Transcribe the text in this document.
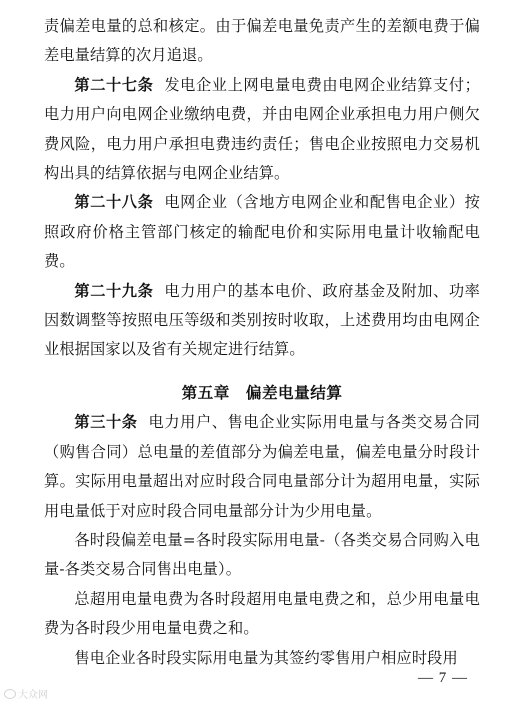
责偏差电量的总和核定。由于偏差电量免责产生的差额电费于偏差电量结算的次月追退。

第二十七条 发电企业上网电量电费由电网企业结算支付；电力用户向电网企业缴纳电费，并由电网企业承担电力用户侧欠费风险，电力用户承担电费违约责任；售电企业按照电力交易机构出具的结算依据与电网企业结算。

第二十八条 电网企业（含地方电网企业和配售电企业）按照政府价格主管部门核定的输配电价和实际用电量计收输配电费。

第二十九条 电力用户的基本电价、政府基金及附加、功率因数调整等按照电压等级和类别按时收取，上述费用均由电网企业根据国家以及省有关规定进行结算。

第五章 偏差电量结算

第三十条 电力用户、售电企业实际用电量与各类交易合同（购售合同）总电量的差值部分为偏差电量，偏差电量分时段计算。实际用电量超出对应时段合同电量部分计为超用电量，实际用电量低于对应时段合同电量部分计为少用电量。

各时段偏差电量=各时段实际用电量-（各类交易合同购入电量-各类交易合同售出电量）。

总超用电量电费为各时段超用电量电费之和，总少用电量电费为各时段少用电量电费之和。

售电企业各时段实际用电量为其签约零售用户相应时段用

— 7 —
大众网
